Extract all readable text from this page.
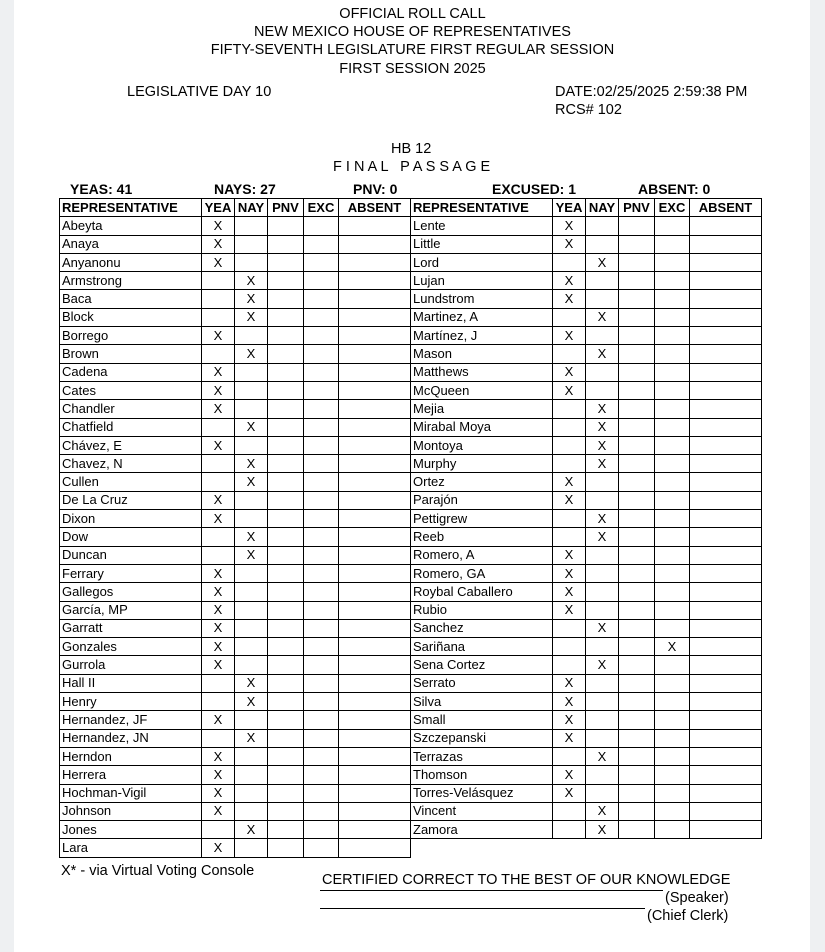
OFFICIAL ROLL CALL
NEW MEXICO HOUSE OF REPRESENTATIVES
FIFTY-SEVENTH LEGISLATURE FIRST REGULAR SESSION
FIRST SESSION 2025
LEGISLATIVE DAY 10	DATE:02/25/2025 2:59:38 PM
RCS# 102
HB 12
F I N A L   P A S S A G E
YEAS: 41	NAYS: 27	PNV: 0	EXCUSED: 1	ABSENT: 0
REPRESENTATIVE	YEA	NAY	PNV	EXC	ABSENT
Abeyta	X				
Anaya	X				
Anyanonu	X				
Armstrong		X			
Baca		X			
Block		X			
Borrego	X				
Brown		X			
Cadena	X				
Cates	X				
Chandler	X				
Chatfield		X			
Chávez, E	X				
Chavez, N		X			
Cullen		X			
De La Cruz	X				
Dixon	X				
Dow		X			
Duncan		X			
Ferrary	X				
Gallegos	X				
García, MP	X				
Garratt	X				
Gonzales	X				
Gurrola	X				
Hall II		X			
Henry		X			
Hernandez, JF	X				
Hernandez, JN		X			
Herndon	X				
Herrera	X				
Hochman-Vigil	X				
Johnson	X				
Jones		X			
Lara	X				
REPRESENTATIVE	YEA	NAY	PNV	EXC	ABSENT
Lente	X				
Little	X				
Lord		X			
Lujan	X				
Lundstrom	X				
Martinez, A		X			
Martínez, J	X				
Mason		X			
Matthews	X				
McQueen	X				
Mejia		X			
Mirabal Moya		X			
Montoya		X			
Murphy		X			
Ortez	X				
Parajón	X				
Pettigrew		X			
Reeb		X			
Romero, A	X				
Romero, GA	X				
Roybal Caballero	X				
Rubio	X				
Sanchez		X			
Sariñana				X	
Sena Cortez		X			
Serrato	X				
Silva	X				
Small	X				
Szczepanski	X				
Terrazas		X			
Thomson	X				
Torres-Velásquez	X				
Vincent		X			
Zamora		X			
X* - via Virtual Voting Console
CERTIFIED CORRECT TO THE BEST OF OUR KNOWLEDGE
(Speaker)
(Chief Clerk)
